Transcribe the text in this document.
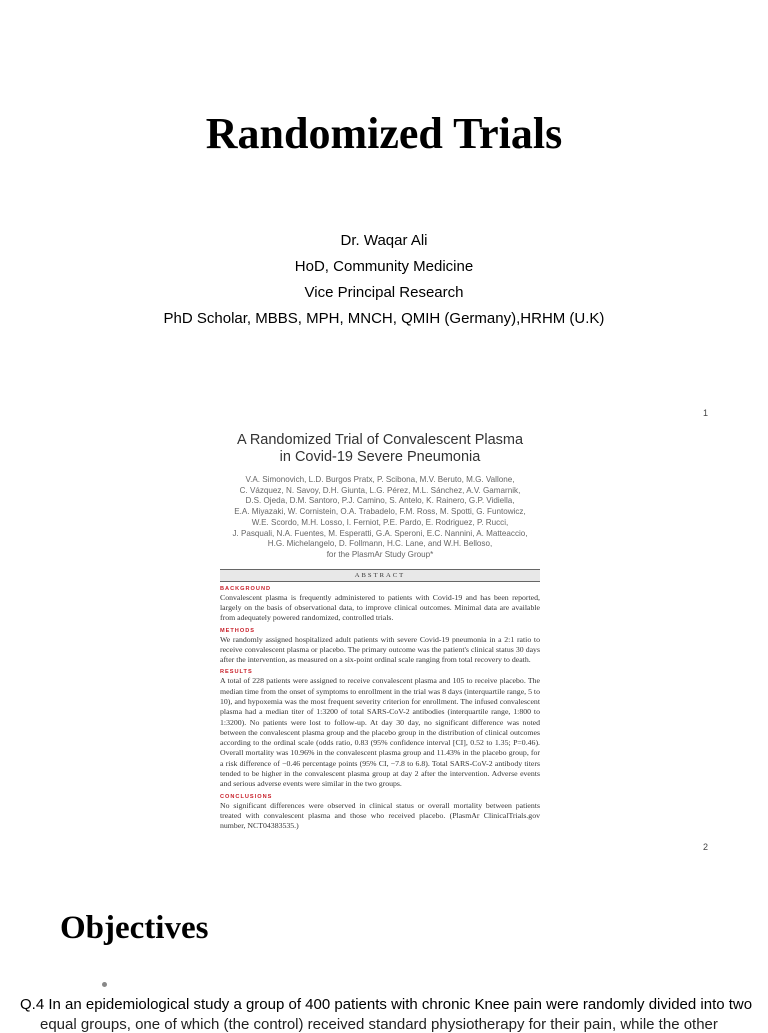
Randomized Trials
Dr. Waqar Ali
HoD, Community Medicine
Vice Principal Research
PhD Scholar, MBBS, MPH, MNCH, QMIH (Germany),HRHM (U.K)
1
A Randomized Trial of Convalescent Plasma
in Covid-19 Severe Pneumonia
V.A. Simonovich, L.D. Burgos Pratx, P. Scibona, M.V. Beruto, M.G. Vallone,
C. Vázquez, N. Savoy, D.H. Giunta, L.G. Pérez, M.L. Sánchez, A.V. Gamarnik,
D.S. Ojeda, D.M. Santoro, P.J. Camino, S. Antelo, K. Rainero, G.P. Vidiella,
E.A. Miyazaki, W. Cornistein, O.A. Trabadelo, F.M. Ross, M. Spotti, G. Funtowicz,
W.E. Scordo, M.H. Losso, I. Ferniot, P.E. Pardo, E. Rodriguez, P. Rucci,
J. Pasquali, N.A. Fuentes, M. Esperatti, G.A. Speroni, E.C. Nannini, A. Matteaccio,
H.G. Michelangelo, D. Follmann, H.C. Lane, and W.H. Belloso,
for the PlasmAr Study Group*
ABSTRACT
BACKGROUND
Convalescent plasma is frequently administered to patients with Covid-19 and has been reported, largely on the basis of observational data, to improve clinical outcomes. Minimal data are available from adequately powered randomized, controlled trials.
METHODS
We randomly assigned hospitalized adult patients with severe Covid-19 pneumonia in a 2:1 ratio to receive convalescent plasma or placebo. The primary outcome was the patient's clinical status 30 days after the intervention, as measured on a six-point ordinal scale ranging from total recovery to death.
RESULTS
A total of 228 patients were assigned to receive convalescent plasma and 105 to receive placebo. The median time from the onset of symptoms to enrollment in the trial was 8 days (interquartile range, 5 to 10), and hypoxemia was the most frequent severity criterion for enrollment. The infused convalescent plasma had a median titer of 1:3200 of total SARS-CoV-2 antibodies (interquartile range, 1:800 to 1:3200). No patients were lost to follow-up. At day 30 day, no significant difference was noted between the convalescent plasma group and the placebo group in the distribution of clinical outcomes according to the ordinal scale (odds ratio, 0.83 (95% confidence interval [CI], 0.52 to 1.35; P=0.46). Overall mortality was 10.96% in the convalescent plasma group and 11.43% in the placebo group, for a risk difference of −0.46 percentage points (95% CI, −7.8 to 6.8). Total SARS-CoV-2 antibody titers tended to be higher in the convalescent plasma group at day 2 after the intervention. Adverse events and serious adverse events were similar in the two groups.
CONCLUSIONS
No significant differences were observed in clinical status or overall mortality between patients treated with convalescent plasma and those who received placebo. (PlasmAr ClinicalTrials.gov number, NCT04383535.)
2
Objectives
Q.4 In an epidemiological study a group of 400 patients with chronic Knee pain were randomly divided into two
equal groups, one of which (the control) received standard physiotherapy for their pain, while the other
